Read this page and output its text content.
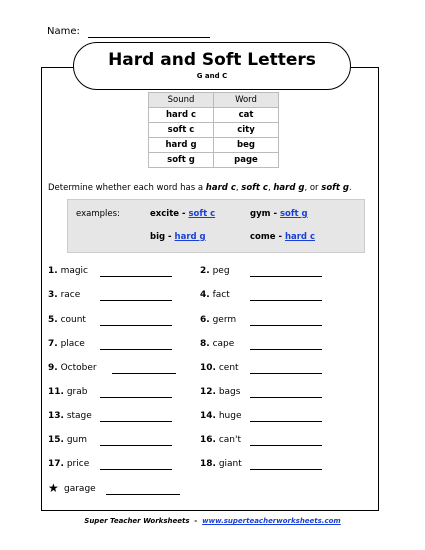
Name:
Hard and Soft Letters
G and C
Sound	Word
hard c	cat
soft c	city
hard g	beg
soft g	page
Determine whether each word has a hard c, soft c, hard g, or soft g.
examples:	excite - soft c	gym - soft g
big - hard g	come - hard c
1. magic
3. race
5. count
7. place
9. October
11. grab
13. stage
15. gum
17. price
2. peg
4. fact
6. germ
8. cape
10. cent
12. bags
14. huge
16. can't
18. giant
★ garage
Super Teacher Worksheets  -  www.superteacherworksheets.com
